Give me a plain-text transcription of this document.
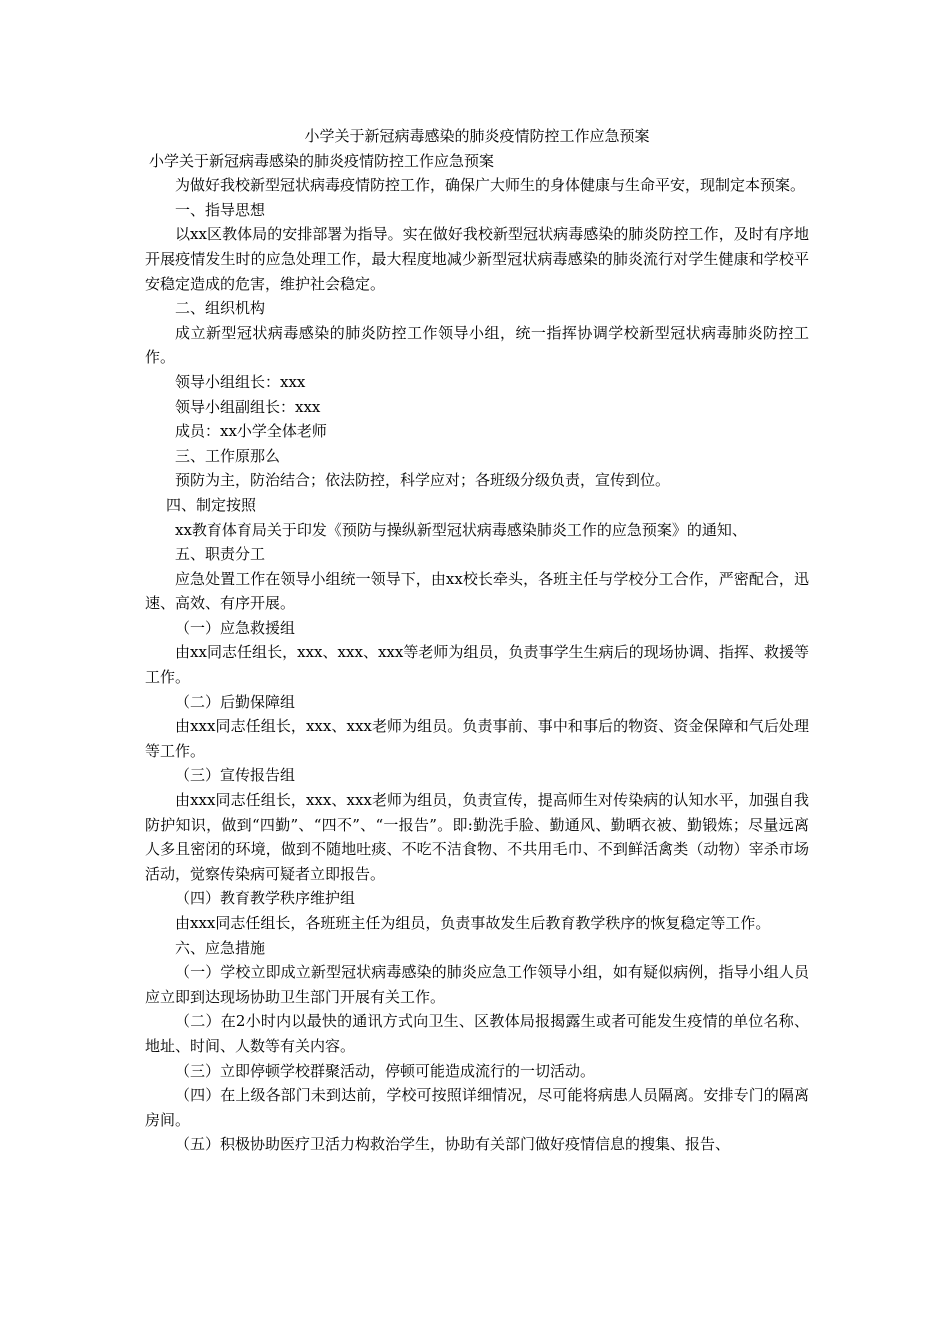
小学关于新冠病毒感染的肺炎疫情防控工作应急预案
小学关于新冠病毒感染的肺炎疫情防控工作应急预案

为做好我校新型冠状病毒疫情防控工作，确保广大师生的身体健康与生命平安，现制定本预案。

一、指导思想

以xx区教体局的安排部署为指导。实在做好我校新型冠状病毒感染的肺炎防控工作，及时有序地开展疫情发生时的应急处理工作，最大程度地减少新型冠状病毒感染的肺炎流行对学生健康和学校平安稳定造成的危害，维护社会稳定。

二、组织机构

成立新型冠状病毒感染的肺炎防控工作领导小组，统一指挥协调学校新型冠状病毒肺炎防控工作。

领导小组组长：xxx

领导小组副组长：xxx

成员：xx小学全体老师

三、工作原那么

预防为主，防治结合；依法防控，科学应对；各班级分级负责，宣传到位。

四、制定按照

xx教育体育局关于印发《预防与操纵新型冠状病毒感染肺炎工作的应急预案》的通知、

五、职责分工

应急处置工作在领导小组统一领导下，由xx校长牵头，各班主任与学校分工合作，严密配合，迅速、高效、有序开展。

（一）应急救援组

由xx同志任组长，xxx、xxx、xxx等老师为组员，负责事学生生病后的现场协调、指挥、救援等工作。

（二）后勤保障组

由xxx同志任组长，xxx、xxx老师为组员。负责事前、事中和事后的物资、资金保障和气后处理等工作。

（三）宣传报告组

由xxx同志任组长，xxx、xxx老师为组员，负责宣传，提高师生对传染病的认知水平，加强自我防护知识，做到“四勤”、“四不”、“一报告”。即:勤洗手脸、勤通风、勤晒衣被、勤锻炼；尽量远离人多且密闭的环境，做到不随地吐痰、不吃不洁食物、不共用毛巾、不到鲜活禽类（动物）宰杀市场活动，觉察传染病可疑者立即报告。

（四）教育教学秩序维护组

由xxx同志任组长，各班班主任为组员，负责事故发生后教育教学秩序的恢复稳定等工作。

六、应急措施

（一）学校立即成立新型冠状病毒感染的肺炎应急工作领导小组，如有疑似病例，指导小组人员应立即到达现场协助卫生部门开展有关工作。

（二）在2小时内以最快的通讯方式向卫生、区教体局报揭露生或者可能发生疫情的单位名称、地址、时间、人数等有关内容。

（三）立即停顿学校群聚活动，停顿可能造成流行的一切活动。

（四）在上级各部门未到达前，学校可按照详细情况，尽可能将病患人员隔离。安排专门的隔离房间。

（五）积极协助医疗卫活力构救治学生，协助有关部门做好疫情信息的搜集、报告、
